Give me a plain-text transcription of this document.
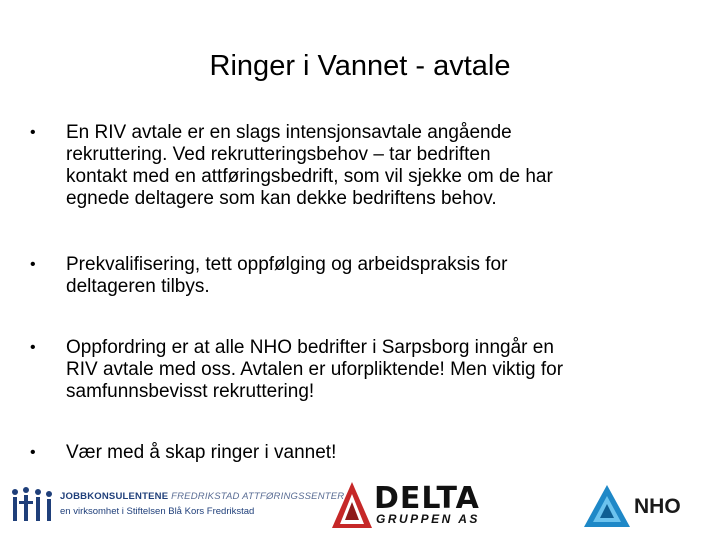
Ringer i Vannet - avtale
•	En RIV avtale er en slags intensjonsavtale angående
rekruttering. Ved rekrutteringsbehov – tar bedriften
kontakt med en attføringsbedrift, som vil sjekke om de har
egnede deltagere som kan dekke bedriftens behov.
•	Prekvalifisering, tett oppfølging og arbeidspraksis for
deltageren tilbys.
•	Oppfordring er at alle NHO bedrifter i Sarpsborg inngår en
RIV avtale med oss. Avtalen er uforpliktende! Men viktig for
samfunnsbevisst rekruttering!
•	Vær med å skap ringer i vannet!
JOBBKONSULENTENE FREDRIKSTAD ATTFØRINGSSENTER
en virksomhet i Stiftelsen Blå Kors Fredrikstad	DELTA
GRUPPEN AS
NHO
